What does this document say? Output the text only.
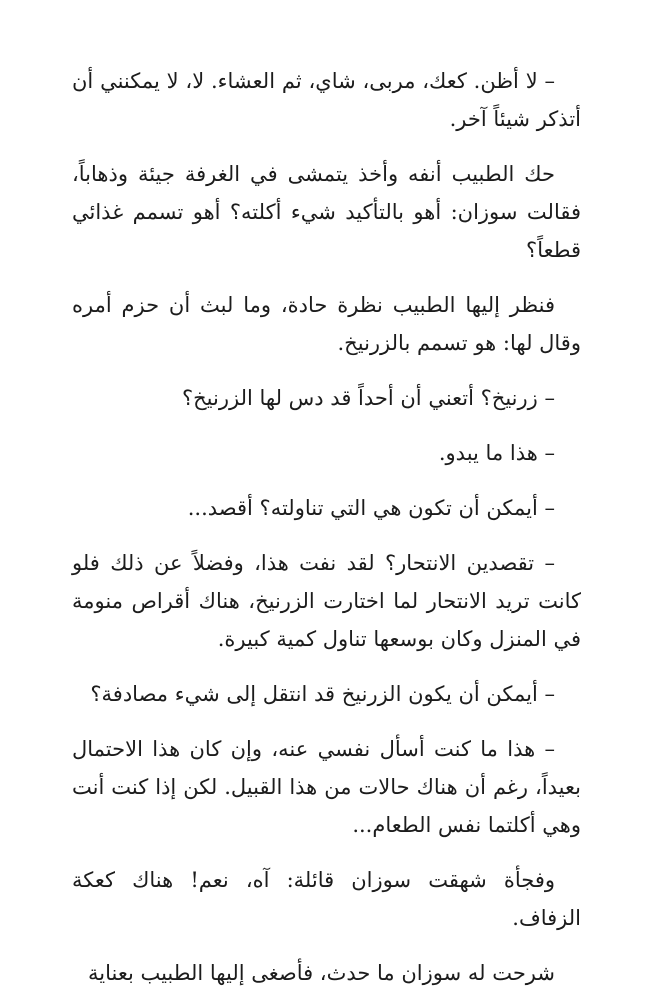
– لا أظن. كعك، مربى، شاي، ثم العشاء. لا، لا يمكنني أن أتذكر شيئاً آخر.

حك الطبيب أنفه وأخذ يتمشى في الغرفة جيئة وذهاباً، فقالت سوزان: أهو بالتأكيد شيء أكلته؟ أهو تسمم غذائي قطعاً؟

فنظر إليها الطبيب نظرة حادة، وما لبث أن حزم أمره وقال لها: هو تسمم بالزرنيخ.

– زرنيخ؟ أتعني أن أحداً قد دس لها الزرنيخ؟

– هذا ما يبدو.

– أيمكن أن تكون هي التي تناولته؟ أقصد...

– تقصدين الانتحار؟ لقد نفت هذا، وفضلاً عن ذلك فلو كانت تريد الانتحار لما اختارت الزرنيخ، هناك أقراص منومة في المنزل وكان بوسعها تناول كمية كبيرة.

– أيمكن أن يكون الزرنيخ قد انتقل إلى شيء مصادفة؟

– هذا ما كنت أسأل نفسي عنه، وإن كان هذا الاحتمال بعيداً، رغم أن هناك حالات من هذا القبيل. لكن إذا كنت أنت وهي أكلتما نفس الطعام...

وفجأة شهقت سوزان قائلة: آه، نعم! هناك كعكة الزفاف.

شرحت له سوزان ما حدث، فأصغى إليها الطبيب بعناية
